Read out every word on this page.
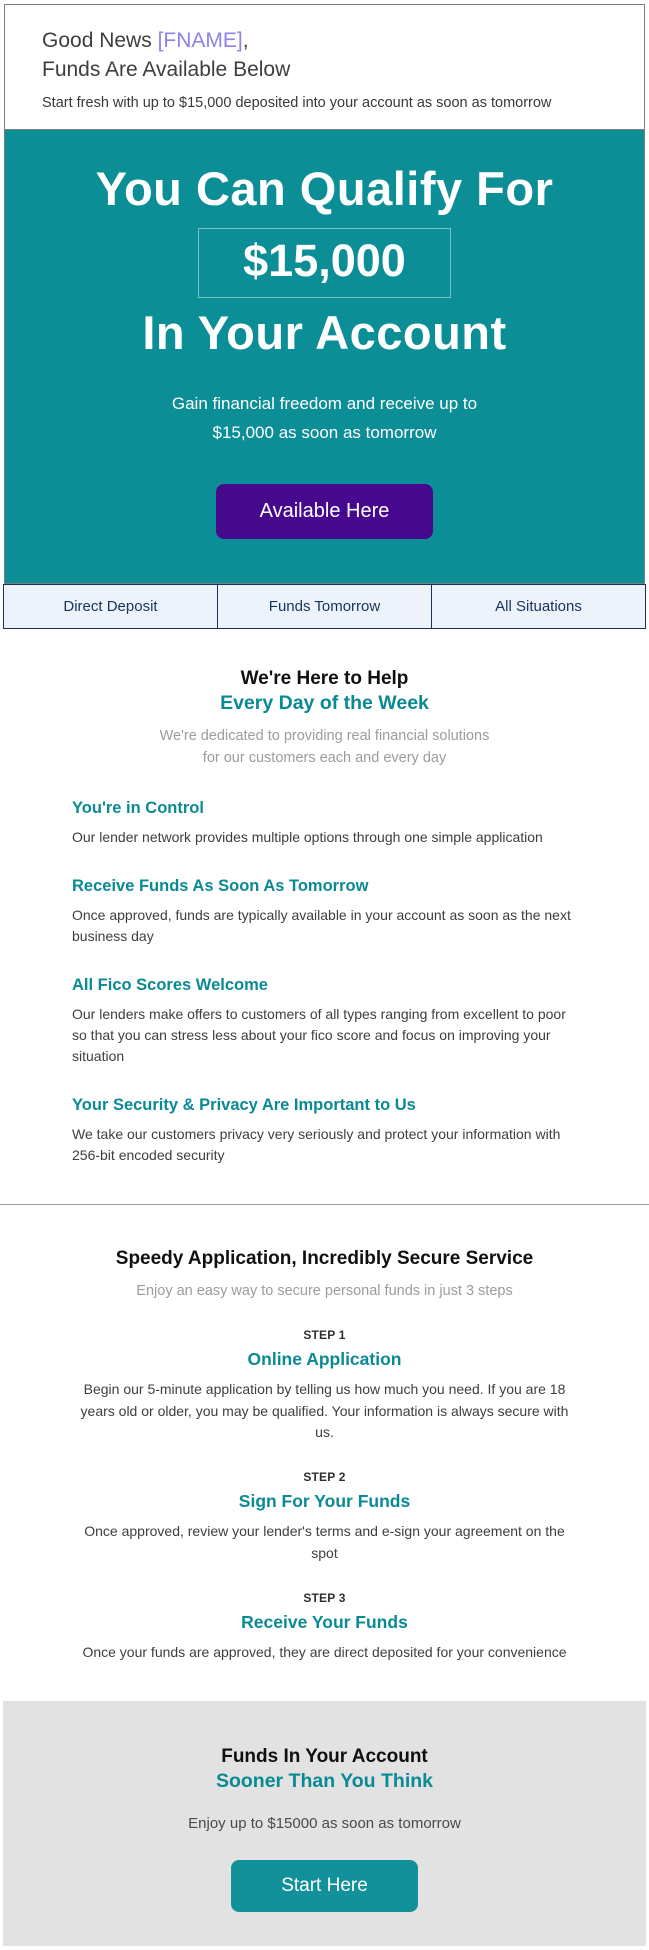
Good News [FNAME],
Funds Are Available Below
Start fresh with up to $15,000 deposited into your account as soon as tomorrow
You Can Qualify For
$15,000
In Your Account
Gain financial freedom and receive up to
$15,000 as soon as tomorrow
Available Here
Direct Deposit	Funds Tomorrow	All Situations
We're Here to Help
Every Day of the Week
We're dedicated to providing real financial solutions
for our customers each and every day
You're in Control

Our lender network provides multiple options through one simple application

Receive Funds As Soon As Tomorrow

Once approved, funds are typically available in your account as soon as the next business day

All Fico Scores Welcome

Our lenders make offers to customers of all types ranging from excellent to poor so that you can stress less about your fico score and focus on improving your situation

Your Security & Privacy Are Important to Us

We take our customers privacy very seriously and protect your information with 256-bit encoded security

Speedy Application, Incredibly Secure Service
Enjoy an easy way to secure personal funds in just 3 steps
STEP 1
Online Application

Begin our 5-minute application by telling us how much you need. If you are 18 years old or older, you may be qualified. Your information is always secure with us.

STEP 2
Sign For Your Funds

Once approved, review your lender's terms and e-sign your agreement on the spot

STEP 3
Receive Your Funds

Once your funds are approved, they are direct deposited for your convenience

Funds In Your Account
Sooner Than You Think
Enjoy up to $15000 as soon as tomorrow
Start Here
